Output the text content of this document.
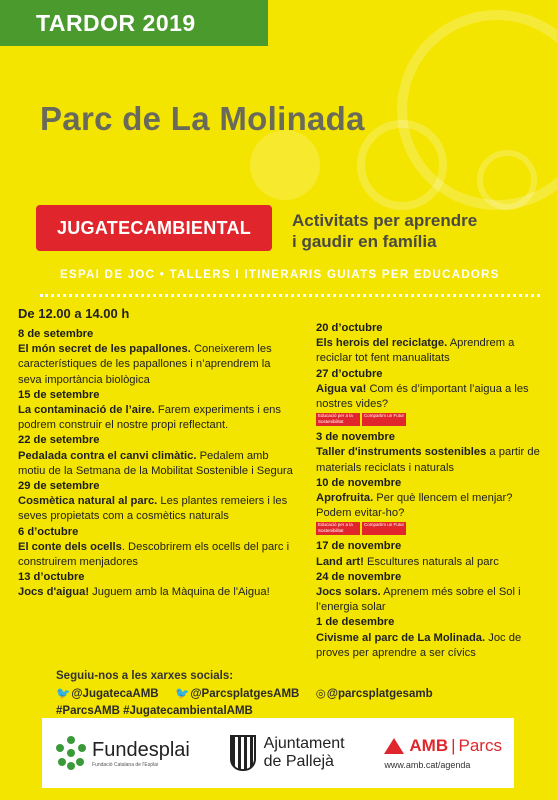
TARDOR 2019
Parc de La Molinada
JUGATECAMBIENTAL	Activitats per aprendre
i gaudir en família
ESPAI DE JOC • TALLERS I ITINERARIS GUIATS PER EDUCADORS
De 12.00 a 14.00 h
8 de setembre
El món secret de les papallones. Coneixerem les característiques de les papallones i n’aprendrem la seva importància biològica
15 de setembre
La contaminació de l’aire. Farem experiments i ens podrem construir el nostre propi reflectant.
22 de setembre
Pedalada contra el canvi climàtic. Pedalem amb motiu de la Setmana de la Mobilitat Sostenible i Segura
29 de setembre
Cosmètica natural al parc. Les plantes remeiers i les seves propietats com a cosmètics naturals
6 d’octubre
El conte dels ocells. Descobrirem els ocells del parc i construirem menjadores
13 d’octubre
Jocs d'aigua! Juguem amb la Màquina de l'Aigua!
20 d’octubre
Els herois del reciclatge. Aprendrem a reciclar tot fent manualitats
27 d’octubre
Aigua va! Com és d’important l’aigua a les nostres vides?
Educació per a la Sostenibilitat
Compartim un Futur
3 de novembre
Taller d'instruments sostenibles a partir de materials reciclats i naturals
10 de novembre
Aprofruita. Per què llencem el menjar? Podem evitar-ho?
Educació per a la Sostenibilitat
Compartim un Futur
17 de novembre
Land art! Escultures naturals al parc
24 de novembre
Jocs solars. Aprenem més sobre el Sol i l’energia solar
1 de desembre
Civisme al parc de La Molinada. Joc de proves per aprendre a ser cívics
Seguiu-nos a les xarxes socials:
🐦@JugatecaAMB 🐦@ParcsplatgesAMB ◎@parcsplatgesamb
#ParcsAMB #JugatecambientalAMB
Fundesplai
Fundació Catalana de l'Esplai
Ajuntament
de Pallejà
AMB | Parcs
www.amb.cat/agenda
